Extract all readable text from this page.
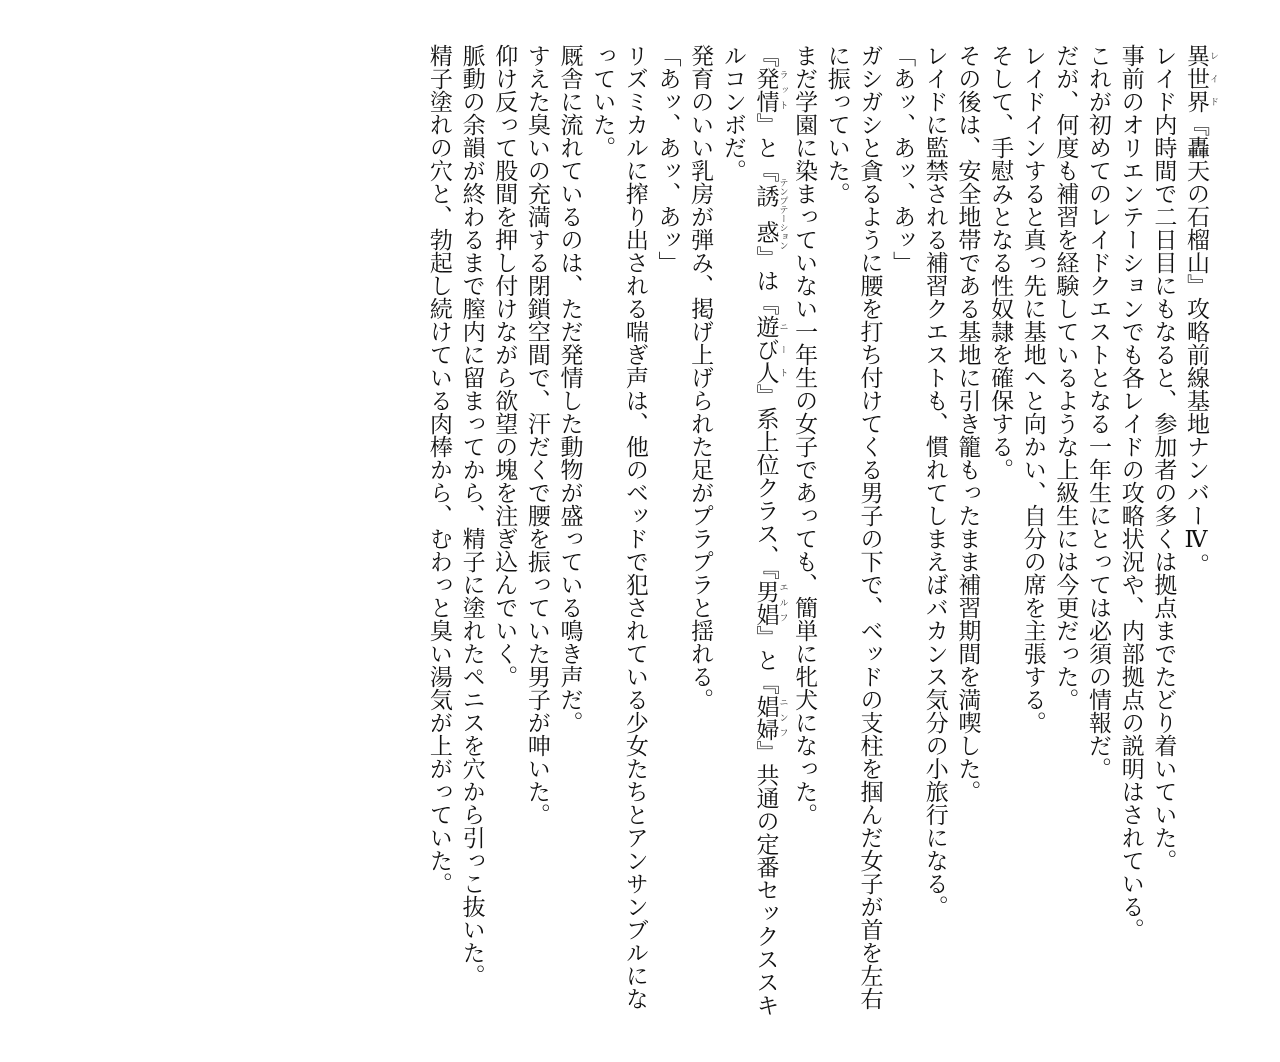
異世界 レイド『轟天の石榴山』攻略前線基地ナンバーⅣ。

レイド内時間で二日目にもなると、参加者の多くは拠点までたどり着いていた。

事前のオリエンテーションでも各レイドの攻略状況や、内部拠点の説明はされている。

これが初めてのレイドクエストとなる一年生にとっては必須の情報だ。

だが、何度も補習を経験しているような上級生には今更だった。

レイドインすると真っ先に基地へと向かい、自分の席を主張する。

そして、手慰みとなる性奴隷を確保する。

その後は、安全地帯である基地に引き籠もったまま補習期間を満喫した。

レイドに監禁される補習クエストも、慣れてしまえばバカンス気分の小旅行になる。

「あッ、あッ、あッ」

ガシガシと貪るように腰を打ち付けてくる男子の下で、ベッドの支柱を掴んだ女子が首を左右に振っていた。

まだ学園に染まっていない一年生の女子であっても、簡単に牝犬になった。

『発情 ラット』と『誘惑 テンプテーション』は『遊び人 ニート』系上位クラス、『男娼 エルフ』と『娼婦 ニンフ』共通の定番セックススキルコンボだ。

発育のいい乳房が弾み、掲げ上げられた足がプラプラと揺れる。

「あッ、あッ、あッ」

リズミカルに搾り出される喘ぎ声は、他のベッドで犯されている少女たちとアンサンブルになっていた。

厩舎に流れているのは、ただ発情した動物が盛っている鳴き声だ。

すえた臭いの充満する閉鎖空間で、汗だくで腰を振っていた男子が呻いた。

仰け反って股間を押し付けながら欲望の塊を注ぎ込んでいく。

脈動の余韻が終わるまで膣内に留まってから、精子に塗れたペニスを穴から引っこ抜いた。

精子塗れの穴と、勃起し続けている肉棒から、むわっと臭い湯気が上がっていた。
